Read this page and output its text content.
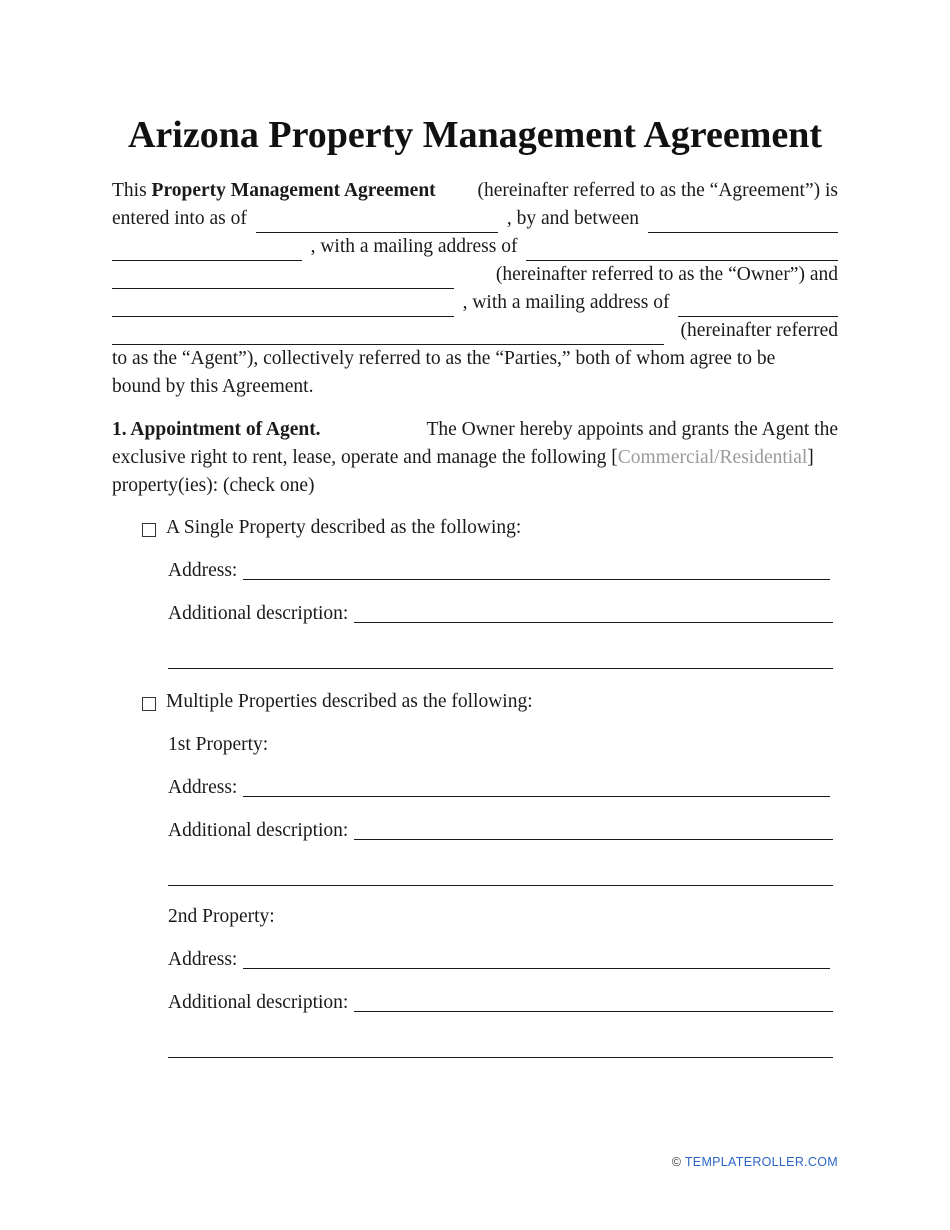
Arizona Property Management Agreement
This Property Management Agreement (hereinafter referred to as the “Agreement”) is
entered into as of	, by and between
, with a mailing address of
(hereinafter referred to as the “Owner”) and
, with a mailing address of
(hereinafter referred
to as the “Agent”), collectively referred to as the “Parties,” both of whom agree to be
bound by this Agreement.
1. Appointment of Agent.	The Owner hereby appoints and grants the Agent the
exclusive right to rent, lease, operate and manage the following [Commercial/Residential]
property(ies): (check one)
A Single Property described as the following:
Address:
Additional description:
Multiple Properties described as the following:
1st Property:
Address:
Additional description:
2nd Property:
Address:
Additional description:
© TEMPLATEROLLER.COM
